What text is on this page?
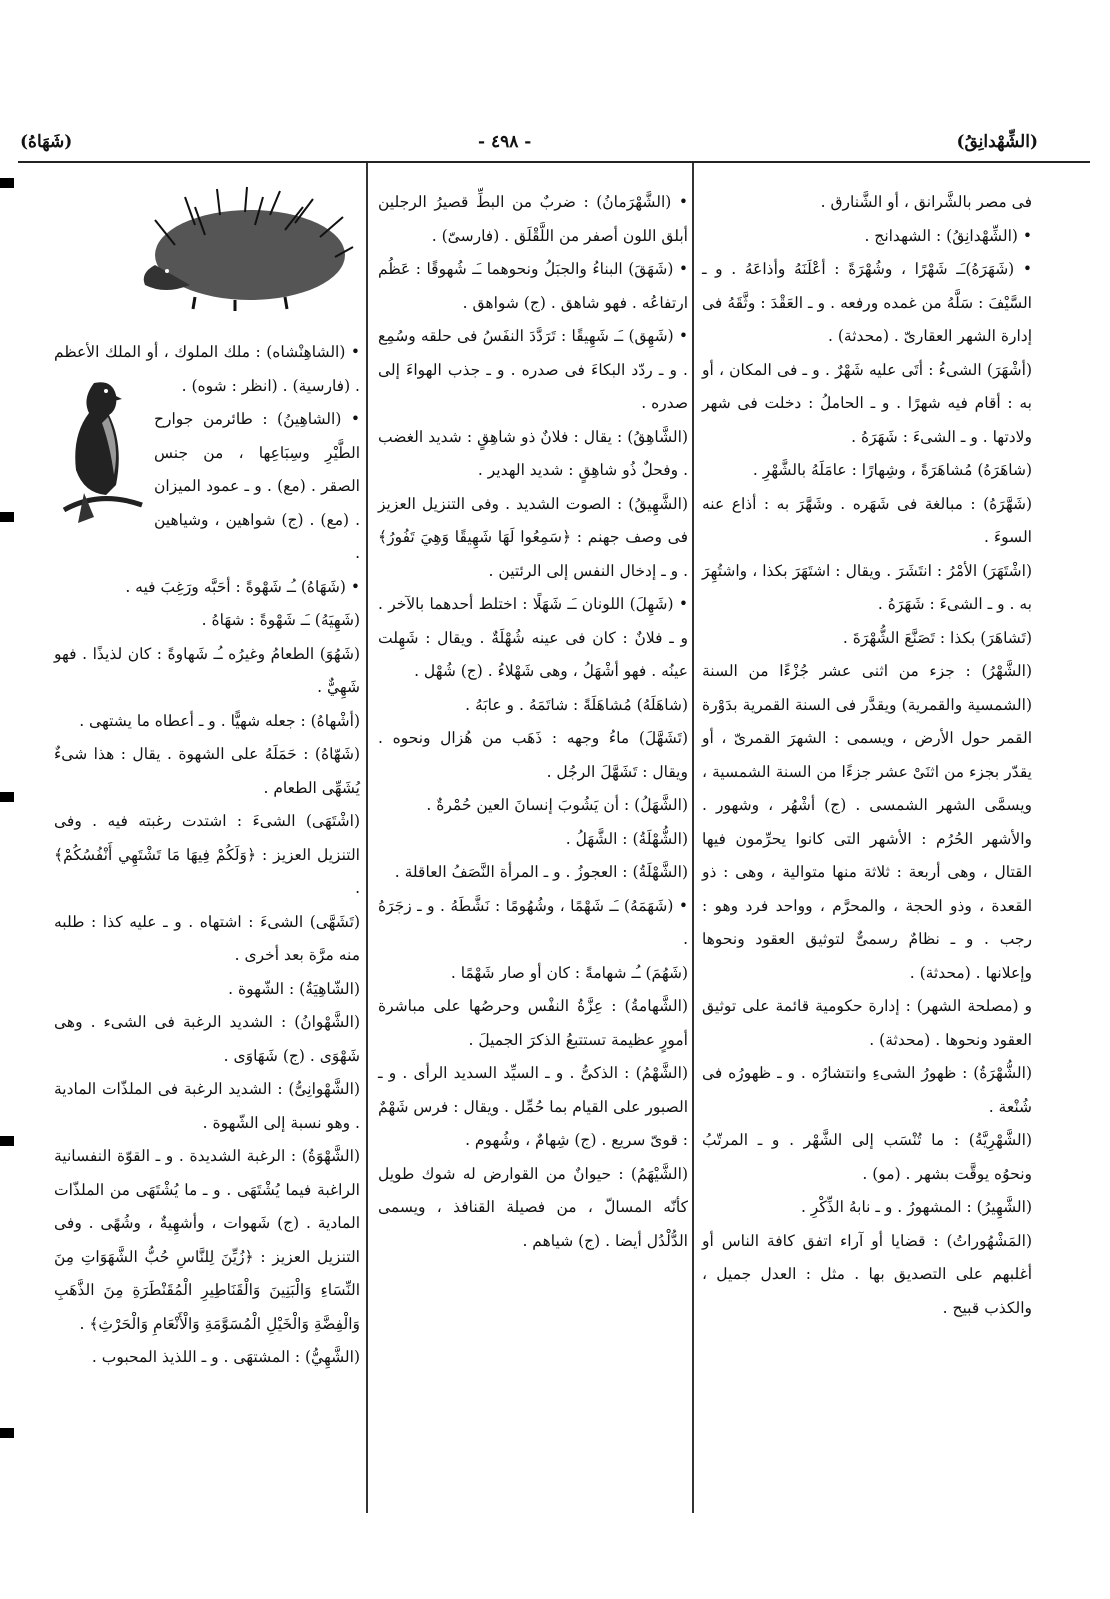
(الشِّهْدانِقُ)
- ٤٩٨ -
(شَهَاهُ)

فى مصر بالشَّرانق ، أو الشَّنارق .

• (الشِّهْدانِقُ) : الشهدانج .

• (شَهَرَهُ)ـَـ شَهْرًا ، وشُهْرَةً : أعْلَنَهُ وأذاعَهُ . و ـ السَّيْفَ : سَلَّهُ من غمده ورفعه . و ـ العَقْدَ : وثَّقَهُ فى إدارة الشهر العقارىّ . (محدثة) .

(أشْهَرَ) الشىءُ : أتَى عليه شَهْرٌ . و ـ فى المكان ، أو به : أقام فيه شهرًا . و ـ الحاملُ : دخلت فى شهر ولادتها . و ـ الشىءَ : شَهَرَهُ .

(شاهَرَهُ) مُشاهَرَةً ، وشِهارًا : عامَلَهُ بالشَّهْرِ .

(شَهَّرَهُ) : مبالغة فى شَهَره . وشَهَّرَ به : أذاع عنه السوءَ .

(اشْتَهَرَ) الأمْرُ : انتَشَرَ . ويقال : اشتَهَرَ بكذا ، واشتُهِرَ به . و ـ الشىءَ : شَهَرَهُ .

(تَشاهَرَ) بكذا : تَصَنَّعَ الشُّهْرَةَ .

(الشَّهْرُ) : جزء من اثنى عشر جُزْءًا من السنة (الشمسية والقمرية) ويقدَّر فى السنة القمرية بدَوْرة القمر حول الأرض ، ويسمى : الشهرَ القمرىّ ، أو يقدّر بجزء من اثنَىْ عشر جزءًا من السنة الشمسية ، ويسمَّى الشهر الشمسى . (ج) أشْهُر ، وشهور . والأشهر الحُرُم : الأشهر التى كانوا يحرِّمون فيها القتال ، وهى أربعة : ثلاثة منها متوالية ، وهى : ذو القعدة ، وذو الحجة ، والمحرَّم ، وواحد فرد وهو : رجب . و ـ نظامٌ رسمىٌّ لتوثيق العقود ونحوها وإعلانها . (محدثة) .

و (مصلحة الشهر) : إدارة حكومية قائمة على توثيق العقود ونحوها . (محدثة) .

(الشُّهْرَةُ) : ظهورُ الشىءِ وانتشارُه . و ـ ظهورُه فى شُنْعة .

(الشَّهْرِيَّةُ) : ما تُنْسَب إلى الشَّهْر . و ـ المرتّبُ ونحوُه يوقَّت بشهر . (مو) .

(الشَّهِيرُ) : المشهورُ . و ـ نابهُ الذِّكْرِ .

(المَشْهُوراتُ) : قضايا أو آراء اتفق كافة الناس أو أغلبهم على التصديق بها . مثل : العدل جميل ، والكذب قبيح .

• (الشَّهْرَمانُ) : ضربٌ من البطِّ قصيرُ الرجلين أبلق اللون أصفر من اللَّقْلَق . (فارسىّ) .

• (شَهَقَ) البناءُ والجبَلُ ونحوهما ـَـ شُهوقًا : عَظُم ارتفاعُه . فهو شاهق . (ج) شواهق .

• (شَهِق) ـَـ شَهِيقًا : تَرَدَّدَ النفَسُ فى حلقه وسُمِع . و ـ ردّد البكاءَ فى صدره . و ـ جذب الهواءَ إلى صدره .

(الشَّاهِقُ) : يقال : فلانٌ ذو شاهِقٍ : شديد الغضب . وفحلٌ ذُو شاهِقٍ : شديد الهدير .

(الشَّهِيقُ) : الصوت الشديد . وفى التنزيل العزيز فى وصف جهنم : ﴿سَمِعُوا لَهَا شَهِيقًا وَهِيَ تَفُورُ﴾ . و ـ إدخال النفس إلى الرئتين .

• (شَهِلَ) اللونان ـَـ شَهَلًا : اختلط أحدهما بالآخر . و ـ فلانٌ : كان فى عينه شُهْلَةٌ . ويقال : شَهِلت عينُه . فهو أشْهَلُ ، وهى شَهْلاءُ . (ج) شُهْل .

(شاهَلَهُ) مُشاهَلَةً : شاتَمَهُ . و عابَهُ .

(تَشَهَّلَ) ماءُ وجهه : ذَهَب من هُزال ونحوه . ويقال : تَشَهَّلَ الرجُل .

(الشَّهَلُ) : أن يَشُوبَ إنسانَ العين حُمْرةٌ .

(الشُّهْلَةُ) : الشَّهَلُ .

(الشَّهْلَةُ) : العجوزُ . و ـ المرأة النَّصَفُ العاقلة .

• (شَهَمَهُ) ـَـ شَهْمًا ، وشُهُومًا : نَشَّطَهُ . و ـ زجَرَهُ .

(شَهُمَ) ـُـ شهامةً : كان أو صار شَهْمًا .

(الشَّهامةُ) : عِزَّةُ النفْس وحرصُها على مباشرة أمورٍ عظيمة تستتبعُ الذكرَ الجميلَ .

(الشَّهْمُ) : الذكىُّ . و ـ السيِّد السديد الرأى . و ـ الصبور على القيام بما حُمِّل . ويقال : فرس شَهْمٌ : قوىّ سريع . (ج) شِهامٌ ، وشُهوم .

(الشَّيْهَمُ) : حيوانٌ من القوارض له شوك طويل كأنّه المسالّ ، من فصيلة القنافذ ، ويسمى الدُّلْدُل أيضا . (ج) شياهم .

• (الشاهِنْشاه) : ملك الملوك ، أو الملك الأعظم . (فارسية) . (انظر : شوه) .

• (الشاهِينُ) : طائرمن جوارح الطَّيْرِ وسِبَاعِها ، من جنس الصقر . (مع) . و ـ عمود الميزان . (مع) . (ج) شواهين ، وشياهين .

• (شَهَاهُ) ـُـ شَهْوةً : أحَبَّه ورَغِبَ فيه .

(شَهِيَهُ) ـَـ شَهْوةً : شهَاهُ .

(شَهُوَ) الطعامُ وغيرُه ـُـ شَهاوةً : كان لذيذًا . فهو شَهِيٌّ .

(أشْهاهُ) : جعله شهيًّا . و ـ أعطاه ما يشتهى .

(شَهّاهُ) : حَمَلَهُ على الشهوة . يقال : هذا شىءٌ يُشَهِّى الطعام .

(اشْتَهَى) الشىءَ : اشتدت رغبته فيه . وفى التنزيل العزيز : ﴿وَلَكُمْ فِيهَا مَا تَشْتَهِي أَنْفُسُكُمْ﴾ .

(تَشَهَّى) الشىءَ : اشتهاه . و ـ عليه كذا : طلبه منه مرَّة بعد أخرى .

(الشّاهِيَةُ) : الشّهوة .

(الشَّهْوانُ) : الشديد الرغبة فى الشىء . وهى شَهْوَى . (ج) شَهَاوَى .

(الشَّهْوانِىُّ) : الشديد الرغبة فى الملذّات المادية . وهو نسبة إلى الشّهوة .

(الشَّهْوَةُ) : الرغبة الشديدة . و ـ القوّة النفسانية الراغبة فيما يُشْتَهَى . و ـ ما يُشْتَهَى من الملذّات المادية . (ج) شَهوات ، وأشهِيةٌ ، وشُهًى . وفى التنزيل العزيز : ﴿زُيِّنَ لِلنَّاسِ حُبُّ الشَّهَوَاتِ مِنَ النِّسَاءِ وَالْبَنِينَ وَالْقَنَاطِيرِ الْمُقَنْطَرَةِ مِنَ الذَّهَبِ وَالْفِضَّةِ وَالْخَيْلِ الْمُسَوَّمَةِ وَالْأَنْعَامِ وَالْحَرْثِ﴾ .

(الشَّهِيُّ) : المشتهَى . و ـ اللذيذ المحبوب .
